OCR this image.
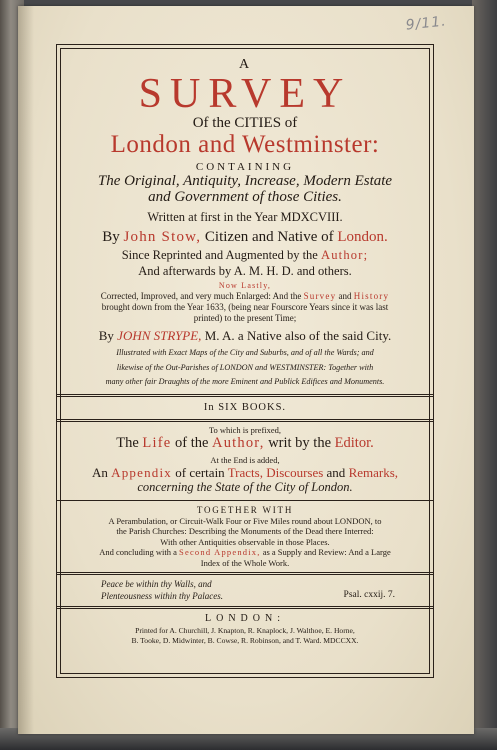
9/11.
A
SURVEY
Of the CITIES of
London and Westminster:
CONTAINING
The Original, Antiquity, Increase, Modern Estate
and Government of those Cities.
Written at first in the Year MDXCVIII.
By John Stow, Citizen and Native of London.
Since Reprinted and Augmented by the Author;
And afterwards by A. M. H. D. and others.
Now Lastly,
Corrected, Improved, and very much Enlarged: And the Survey and History
brought down from the Year 1633, (being near Fourscore Years since it was last
printed) to the present Time;
By JOHN STRYPE, M. A. a Native also of the said City.
Illustrated with Exact Maps of the City and Suburbs, and of all the Wards; and
likewise of the Out-Parishes of LONDON and WESTMINSTER: Together with
many other fair Draughts of the more Eminent and Publick Edifices and Monuments.
In SIX BOOKS.
To which is prefixed,
The Life of the Author, writ by the Editor.
At the End is added,
An Appendix of certain Tracts, Discourses and Remarks,
concerning the State of the City of London.
TOGETHER WITH
A Perambulation, or Circuit-Walk Four or Five Miles round about LONDON, to
the Parish Churches: Describing the Monuments of the Dead there Interred:
With other Antiquities observable in those Places.
And concluding with a Second Appendix, as a Supply and Review: And a Large
Index of the Whole Work.
Peace be within thy Walls, and
Plenteousness within thy Palaces.	Psal. cxxij. 7.
LONDON:
Printed for A. Churchill, J. Knapton, R. Knaplock, J. Walthoe, E. Horne,
B. Tooke, D. Midwinter, B. Cowse, R. Robinson, and T. Ward. MDCCXX.
